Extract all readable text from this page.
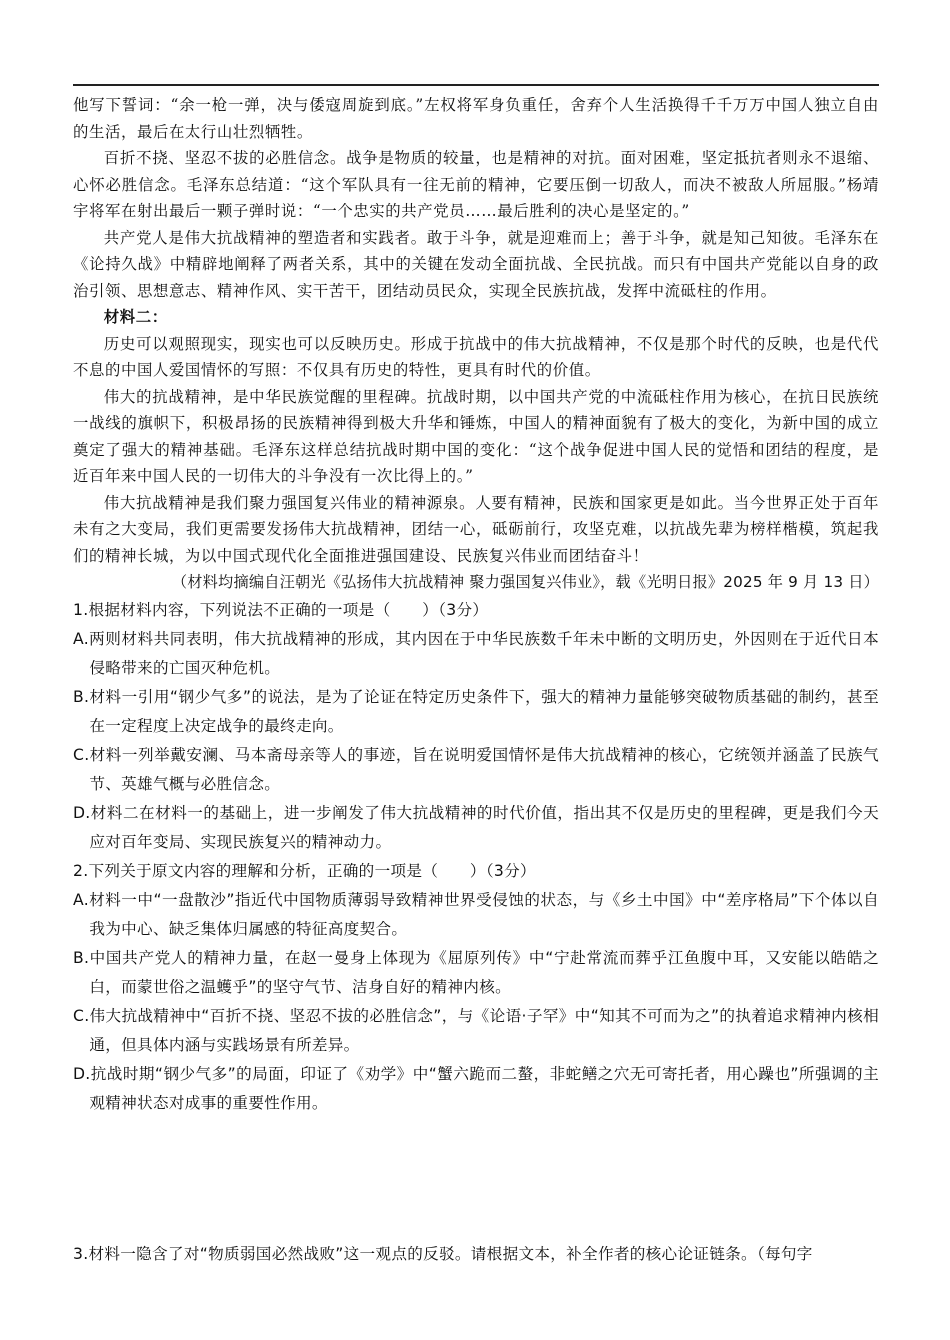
他写下誓词：“余一枪一弹，决与倭寇周旋到底。”左权将军身负重任，舍弃个人生活换得千千万万中国人独立自由的生活，最后在太行山壮烈牺牲。

百折不挠、坚忍不拔的必胜信念。战争是物质的较量，也是精神的对抗。面对困难，坚定抵抗者则永不退缩、心怀必胜信念。毛泽东总结道：“这个军队具有一往无前的精神，它要压倒一切敌人，而决不被敌人所屈服。”杨靖宇将军在射出最后一颗子弹时说：“一个忠实的共产党员……最后胜利的决心是坚定的。”

共产党人是伟大抗战精神的塑造者和实践者。敢于斗争，就是迎难而上；善于斗争，就是知己知彼。毛泽东在《论持久战》中精辟地阐释了两者关系，其中的关键在发动全面抗战、全民抗战。而只有中国共产党能以自身的政治引领、思想意志、精神作风、实干苦干，团结动员民众，实现全民族抗战，发挥中流砥柱的作用。

材料二：

历史可以观照现实，现实也可以反映历史。形成于抗战中的伟大抗战精神，不仅是那个时代的反映，也是代代不息的中国人爱国情怀的写照：不仅具有历史的特性，更具有时代的价值。

伟大的抗战精神，是中华民族觉醒的里程碑。抗战时期，以中国共产党的中流砥柱作用为核心，在抗日民族统一战线的旗帜下，积极昂扬的民族精神得到极大升华和锤炼，中国人的精神面貌有了极大的变化，为新中国的成立奠定了强大的精神基础。毛泽东这样总结抗战时期中国的变化：“这个战争促进中国人民的觉悟和团结的程度，是近百年来中国人民的一切伟大的斗争没有一次比得上的。”

伟大抗战精神是我们聚力强国复兴伟业的精神源泉。人要有精神，民族和国家更是如此。当今世界正处于百年未有之大变局，我们更需要发扬伟大抗战精神，团结一心，砥砺前行，攻坚克难，以抗战先辈为榜样楷模，筑起我们的精神长城，为以中国式现代化全面推进强国建设、民族复兴伟业而团结奋斗！

（材料均摘编自汪朝光《弘扬伟大抗战精神 聚力强国复兴伟业》，载《光明日报》2025 年 9 月 13 日）

1.根据材料内容，下列说法不正确的一项是（　　）（3分）

A.两则材料共同表明，伟大抗战精神的形成，其内因在于中华民族数千年未中断的文明历史，外因则在于近代日本侵略带来的亡国灭种危机。

B.材料一引用“钢少气多”的说法，是为了论证在特定历史条件下，强大的精神力量能够突破物质基础的制约，甚至在一定程度上决定战争的最终走向。

C.材料一列举戴安澜、马本斋母亲等人的事迹，旨在说明爱国情怀是伟大抗战精神的核心，它统领并涵盖了民族气节、英雄气概与必胜信念。

D.材料二在材料一的基础上，进一步阐发了伟大抗战精神的时代价值，指出其不仅是历史的里程碑，更是我们今天应对百年变局、实现民族复兴的精神动力。

2.下列关于原文内容的理解和分析，正确的一项是（　　）（3分）

A.材料一中“一盘散沙”指近代中国物质薄弱导致精神世界受侵蚀的状态，与《乡土中国》中“差序格局”下个体以自我为中心、缺乏集体归属感的特征高度契合。

B.中国共产党人的精神力量，在赵一曼身上体现为《屈原列传》中“宁赴常流而葬乎江鱼腹中耳，又安能以皓皓之白，而蒙世俗之温蠖乎”的坚守气节、洁身自好的精神内核。

C.伟大抗战精神中“百折不挠、坚忍不拔的必胜信念”，与《论语·子罕》中“知其不可而为之”的执着追求精神内核相通，但具体内涵与实践场景有所差异。

D.抗战时期“钢少气多”的局面，印证了《劝学》中“蟹六跪而二螯，非蛇鳝之穴无可寄托者，用心躁也”所强调的主观精神状态对成事的重要性作用。

3.材料一隐含了对“物质弱国必然战败”这一观点的反驳。请根据文本，补全作者的核心论证链条。（每句字
